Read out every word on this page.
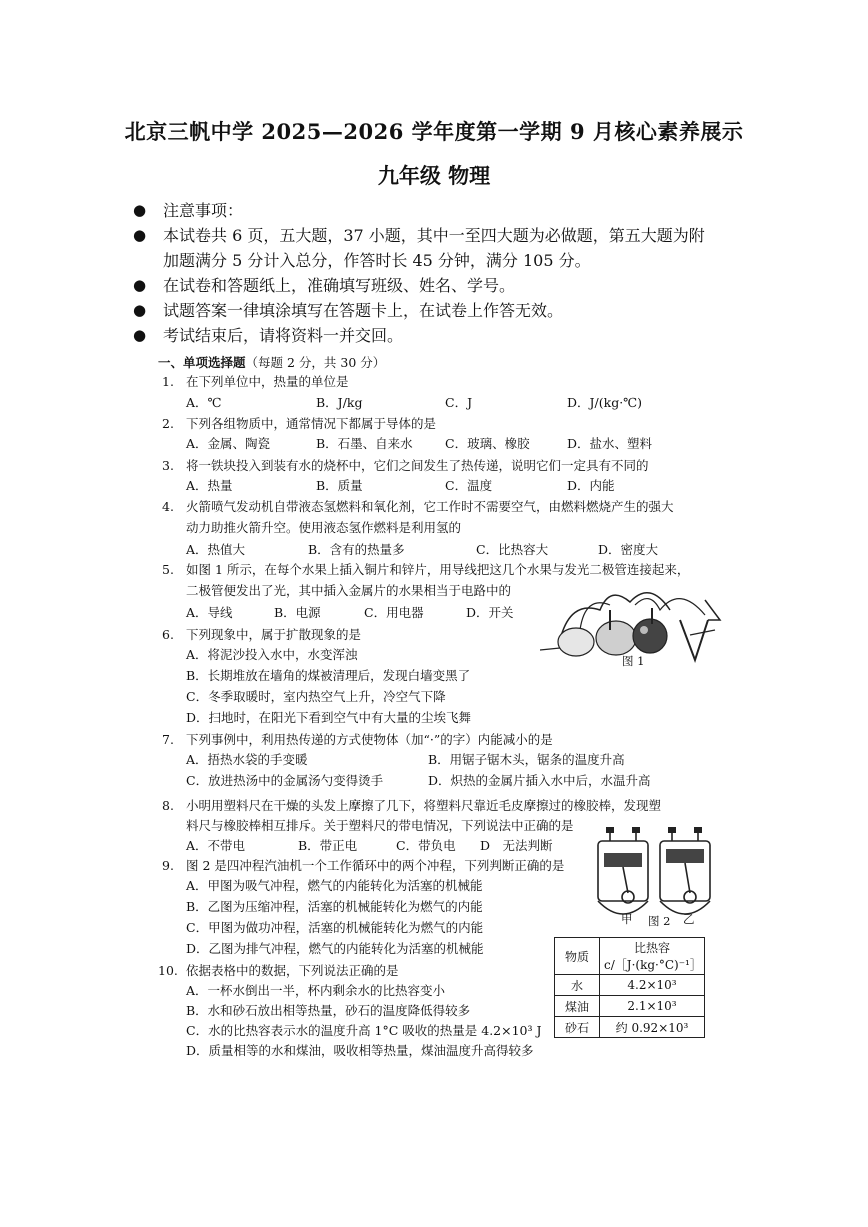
北京三帆中学 2025—2026 学年度第一学期 9 月核心素养展示
九年级 物理
● 注意事项：
● 本试卷共 6 页，五大题，37 小题，其中一至四大题为必做题，第五大题为附
加题满分 5 分计入总分，作答时长 45 分钟，满分 105 分。
● 在试卷和答题纸上，准确填写班级、姓名、学号。
● 试题答案一律填涂填写在答题卡上，在试卷上作答无效。
● 考试结束后，请将资料一并交回。
一、单项选择题（每题 2 分，共 30 分）
1. 在下列单位中，热量的单位是
A．℃	B．J/kg	C．J	D．J/(kg·℃)
2. 下列各组物质中，通常情况下都属于导体的是
A．金属、陶瓷	B．石墨、自来水	C．玻璃、橡胶	D．盐水、塑料
3. 将一铁块投入到装有水的烧杯中，它们之间发生了热传递，说明它们一定具有不同的
A．热量	B．质量	C．温度	D．内能
4. 火箭喷气发动机自带液态氢燃料和氧化剂，它工作时不需要空气，由燃料燃烧产生的强大
动力助推火箭升空。使用液态氢作燃料是利用氢的
A．热值大	B．含有的热量多	C．比热容大	D．密度大
5. 如图 1 所示，在每个水果上插入铜片和锌片，用导线把这几个水果与发光二极管连接起来，
二极管便发出了光，其中插入金属片的水果相当于电路中的
A．导线	B．电源	C．用电器	D．开关
图 1
6. 下列现象中，属于扩散现象的是
A．将泥沙投入水中，水变浑浊
B．长期堆放在墙角的煤被清理后，发现白墙变黑了
C．冬季取暖时，室内热空气上升，冷空气下降
D．扫地时，在阳光下看到空气中有大量的尘埃飞舞
7. 下列事例中，利用热传递的方式使物体（加“·”的字）内能减小的是
A．捂热水袋的手变暖	B．用锯子锯木头，锯条的温度升高
C．放进热汤中的金属汤勺变得烫手	D．炽热的金属片插入水中后，水温升高
8. 小明用塑料尺在干燥的头发上摩擦了几下，将塑料尺靠近毛皮摩擦过的橡胶棒，发现塑
料尺与橡胶棒相互排斥。关于塑料尺的带电情况，下列说法中正确的是
A．不带电	B．带正电	C．带负电 D　无法判断
甲 图 2 乙
9. 图 2 是四冲程汽油机一个工作循环中的两个冲程，下列判断正确的是
A．甲图为吸气冲程，燃气的内能转化为活塞的机械能
B．乙图为压缩冲程，活塞的机械能转化为燃气的内能
C．甲图为做功冲程，活塞的机械能转化为燃气的内能
D．乙图为排气冲程，燃气的内能转化为活塞的机械能
10. 依据表格中的数据，下列说法正确的是
A．一杯水倒出一半，杯内剩余水的比热容变小
B．水和砂石放出相等热量，砂石的温度降低得较多
C．水的比热容表示水的温度升高 1°C 吸收的热量是 4.2×10³ J
D．质量相等的水和煤油，吸收相等热量，煤油温度升高得较多
物质	比热容
c/［J·(kg·°C)⁻¹］

水	4.2×10³
煤油	2.1×10³
砂石	约 0.92×10³
